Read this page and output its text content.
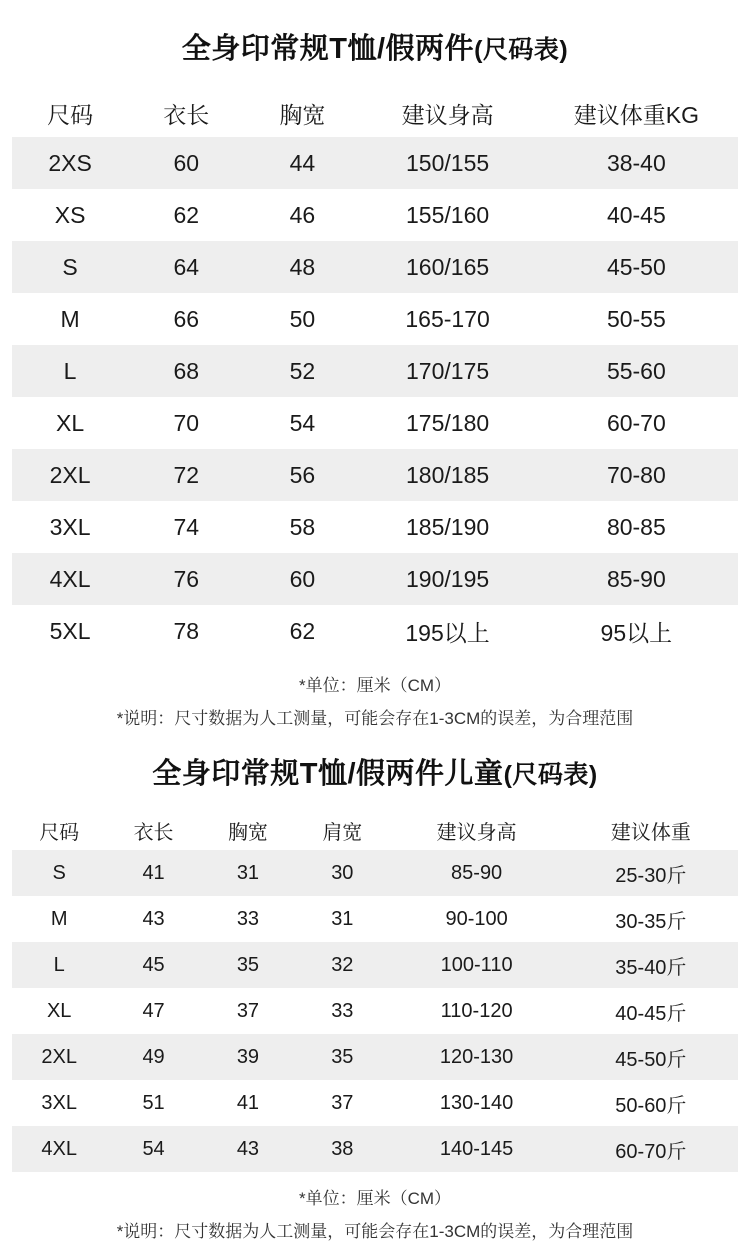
全身印常规T恤/假两件(尺码表)
尺码	衣长	胸宽	建议身高	建议体重KG
2XS	60	44	150/155	38-40
XS	62	46	155/160	40-45
S	64	48	160/165	45-50
M	66	50	165-170	50-55
L	68	52	170/175	55-60
XL	70	54	175/180	60-70
2XL	72	56	180/185	70-80
3XL	74	58	185/190	80-85
4XL	76	60	190/195	85-90
5XL	78	62	195以上	95以上
*单位：厘米（CM）
*说明：尺寸数据为人工测量，可能会存在1-3CM的误差，为合理范围
全身印常规T恤/假两件儿童(尺码表)
尺码	衣长	胸宽	肩宽	建议身高	建议体重
S	41	31	30	85-90	25-30斤
M	43	33	31	90-100	30-35斤
L	45	35	32	100-110	35-40斤
XL	47	37	33	110-120	40-45斤
2XL	49	39	35	120-130	45-50斤
3XL	51	41	37	130-140	50-60斤
4XL	54	43	38	140-145	60-70斤
*单位：厘米（CM）
*说明：尺寸数据为人工测量，可能会存在1-3CM的误差，为合理范围
